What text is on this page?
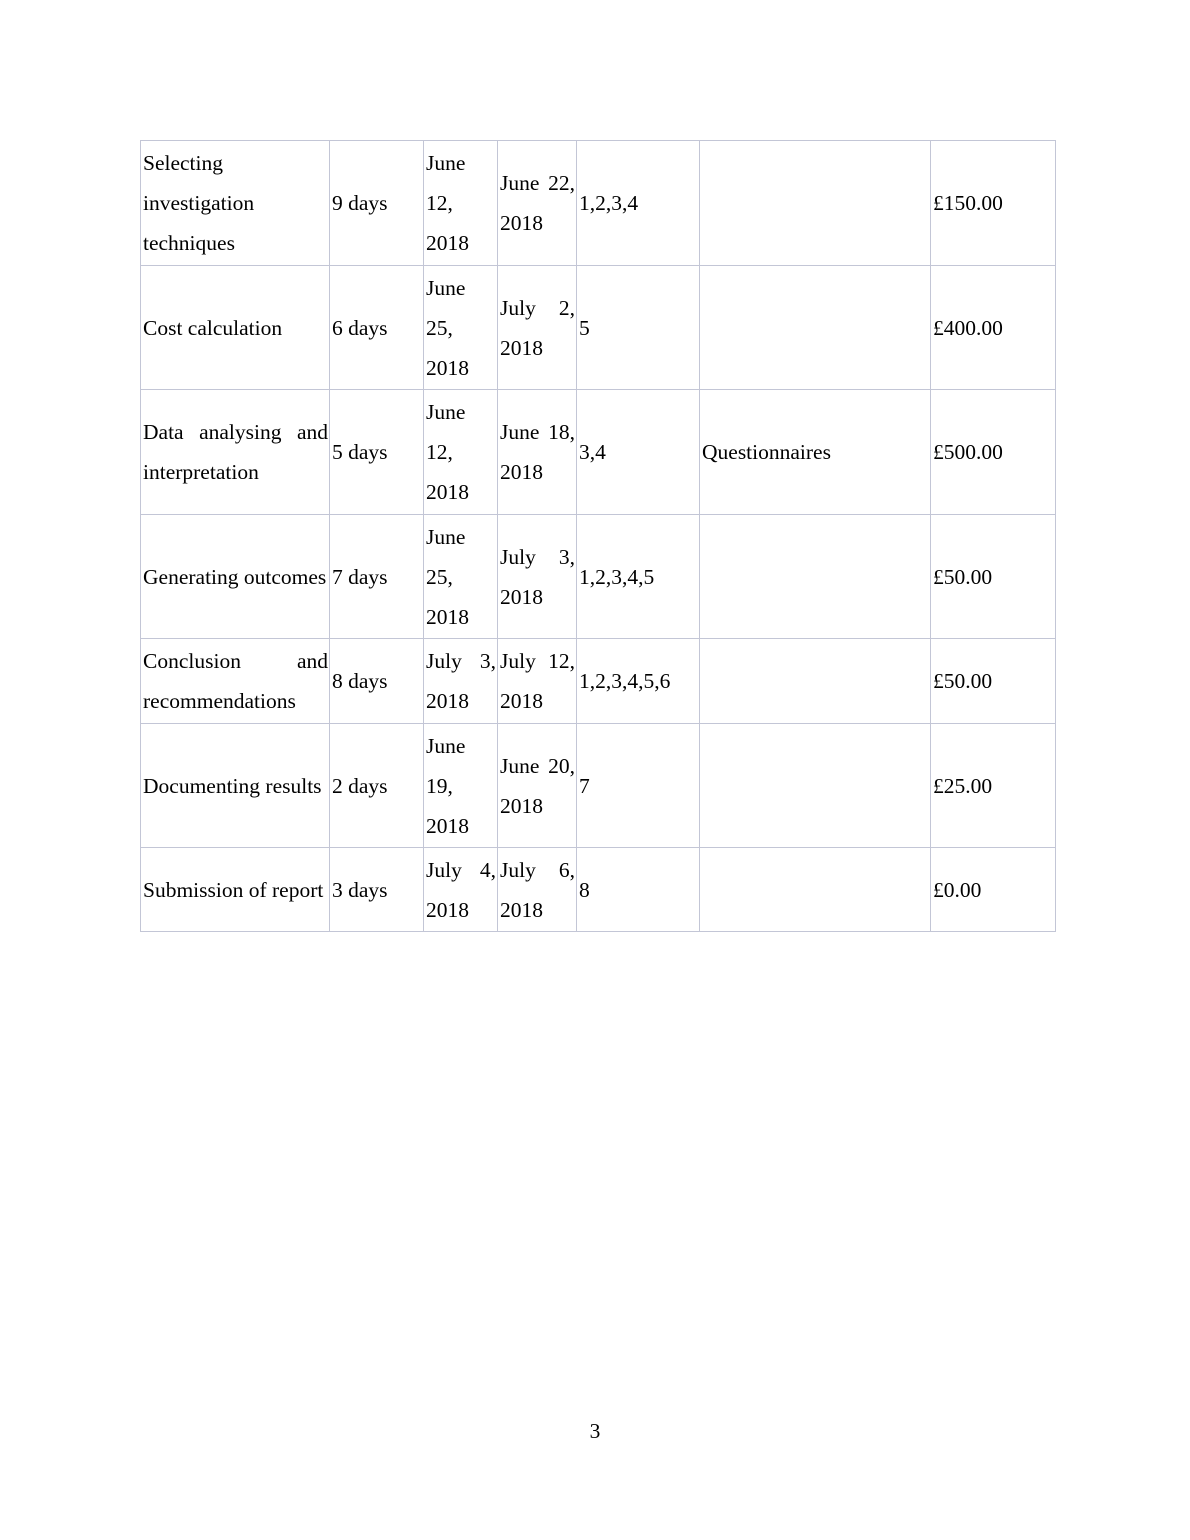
Selecting investigation techniques	9 days	June 12, 2018	June 22, 2018	1,2,3,4		£150.00
Cost calculation	6 days	June 25, 2018	July 2, 2018	5		£400.00
Data analysing and interpretation	5 days	June 12, 2018	June 18, 2018	3,4	Questionnaires	£500.00
Generating outcomes	7 days	June 25, 2018	July 3, 2018	1,2,3,4,5		£50.00
Conclusion and recommendations	8 days	July 3, 2018	July 12, 2018	1,2,3,4,5,6		£50.00
Documenting results	2 days	June 19, 2018	June 20, 2018	7		£25.00
Submission of report	3 days	July 4, 2018	July 6, 2018	8		£0.00
3
